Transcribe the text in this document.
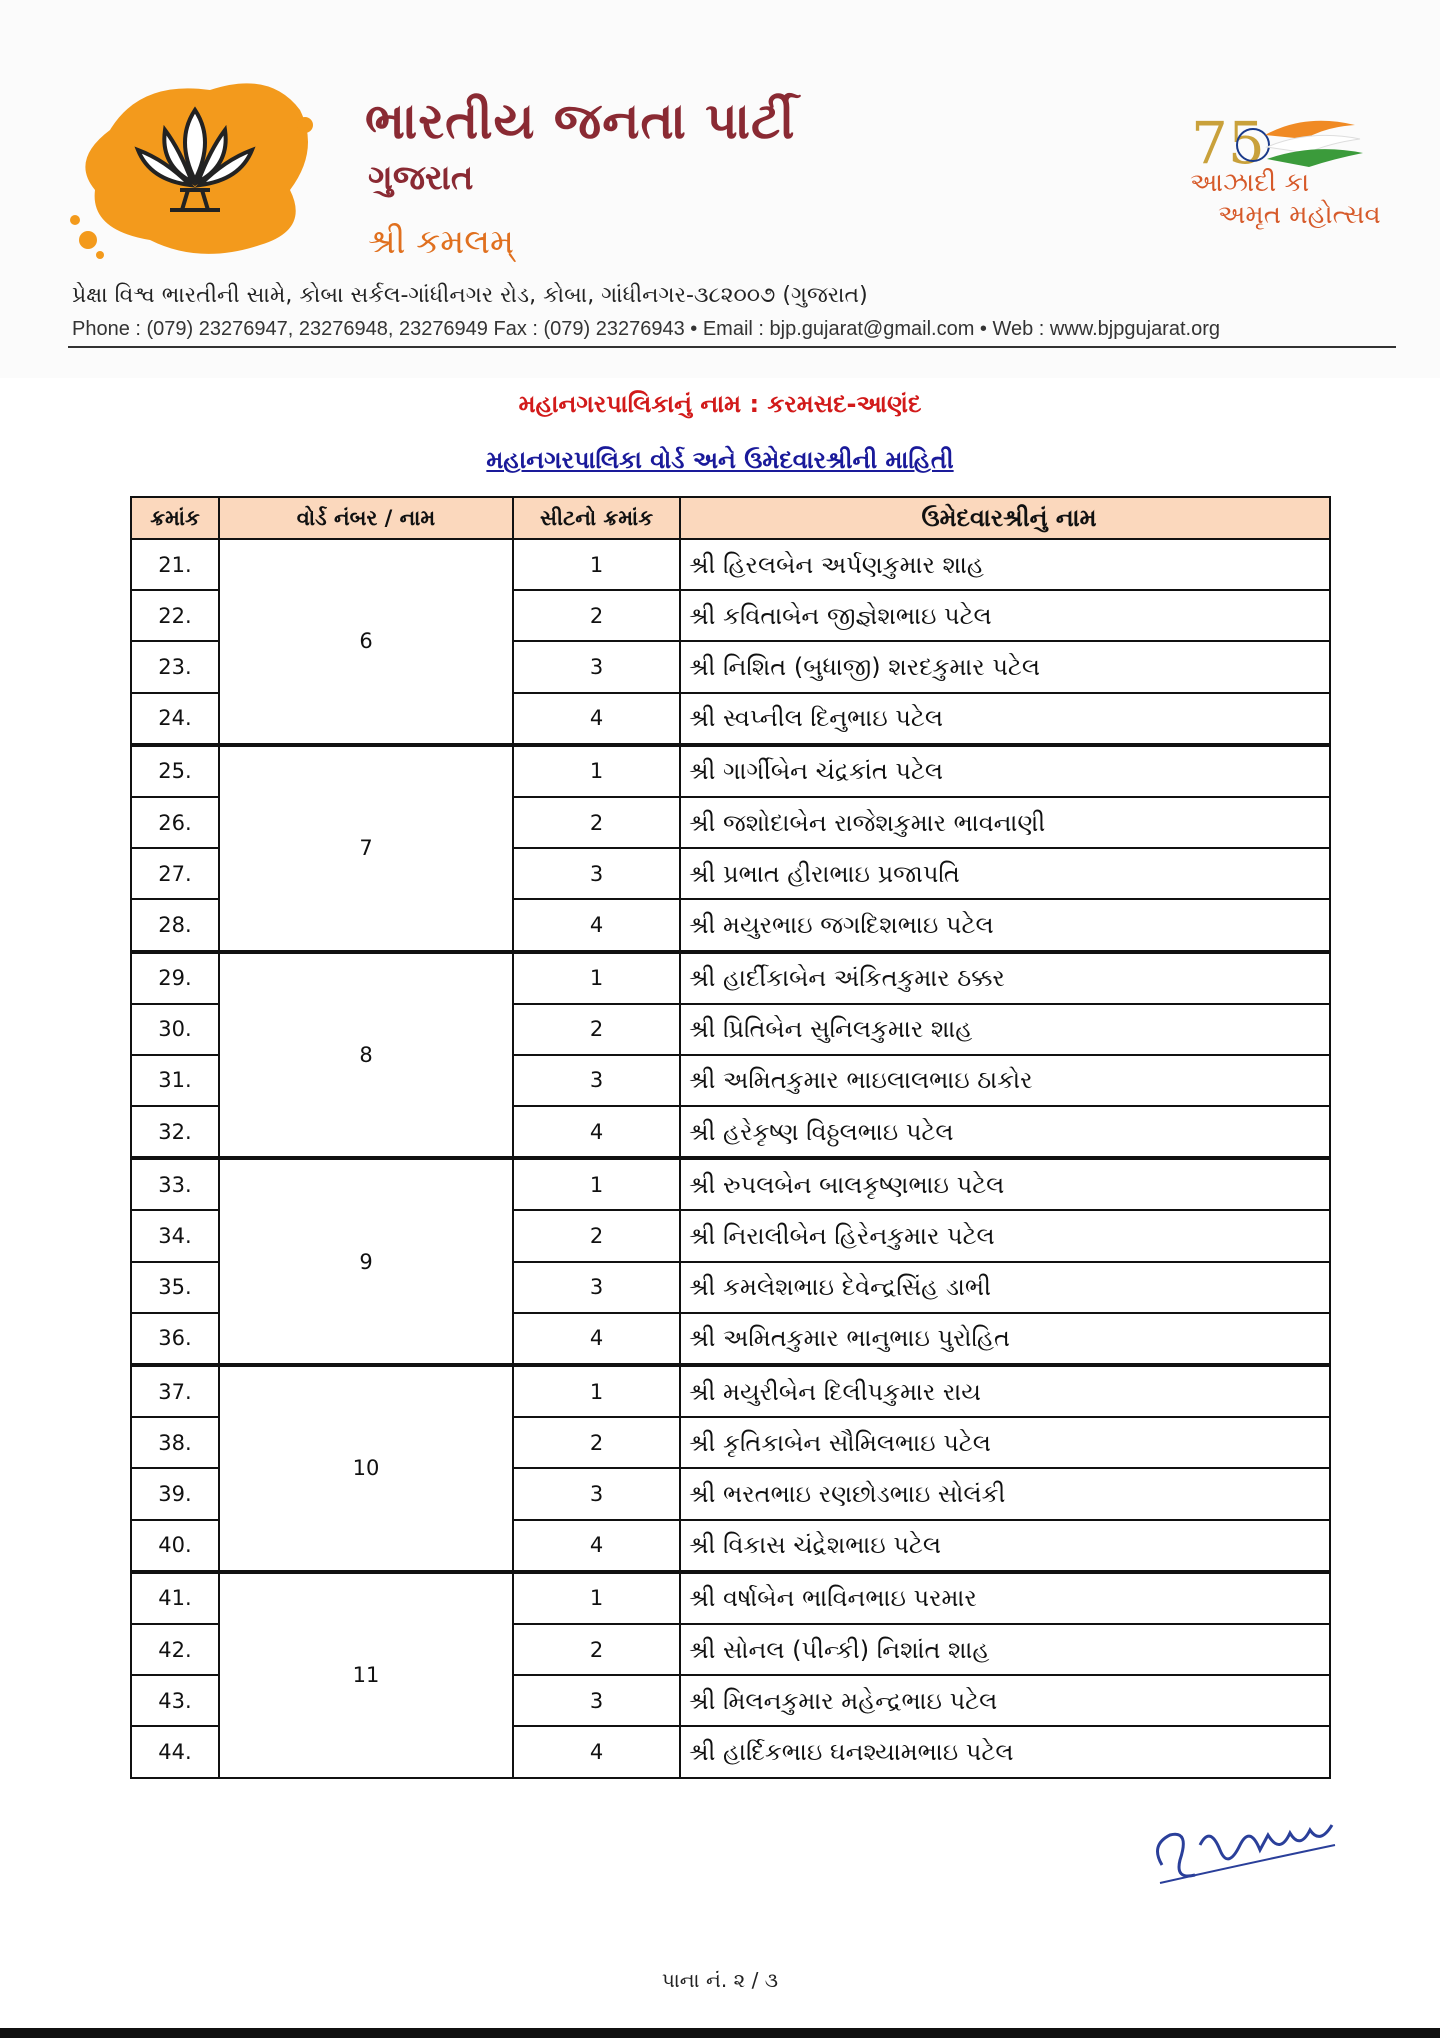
ભારતીય જનતા પાર્ટી
ગુજરાત
શ્રી કમલમ્
75
આઝાદી કા
અમૃત મહોત્સવ
પ્રેક્ષા વિશ્વ ભારતીની સામે, કોબા સર્કલ-ગાંધીનગર રોડ, કોબા, ગાંધીનગર-૩૮૨૦૦૭ (ગુજરાત)
Phone : (079) 23276947, 23276948, 23276949 Fax : (079) 23276943 • Email : bjp.gujarat@gmail.com • Web : www.bjpgujarat.org
મહાનગરપાલિકાનું નામ : કરમસદ-આણંદ
મહાનગરપાલિકા વોર્ડ અને ઉમેદવારશ્રીની માહિતી
ક્રમાંક	વોર્ડ નંબર / નામ	સીટનો ક્રમાંક	ઉમેદવારશ્રીનું નામ
21.	6	1	શ્રી હિરલબેન અર્પણકુમાર શાહ
22.		2	શ્રી કવિતાબેન જીજ્ઞેશભાઇ પટેલ
23.		3	શ્રી નિશિત (બુધાજી) શરદકુમાર પટેલ
24.		4	શ્રી સ્વપ્નીલ દિનુભાઇ પટેલ
25.	7	1	શ્રી ગાર્ગીબેન ચંદ્રકાંત પટેલ
26.		2	શ્રી જશોદાબેન રાજેશકુમાર ભાવનાણી
27.		3	શ્રી પ્રભાત હીરાભાઇ પ્રજાપતિ
28.		4	શ્રી મયુરભાઇ જગદિશભાઇ પટેલ
29.	8	1	શ્રી હાર્દીકાબેન અંકિતકુમાર ઠક્કર
30.		2	શ્રી પ્રિતિબેન સુનિલકુમાર શાહ
31.		3	શ્રી અમિતકુમાર ભાઇલાલભાઇ ઠાકોર
32.		4	શ્રી હરેકૃષ્ણ વિઠ્ઠલભાઇ પટેલ
33.	9	1	શ્રી રુપલબેન બાલકૃષ્ણભાઇ પટેલ
34.		2	શ્રી નિરાલીબેન હિરેનકુમાર પટેલ
35.		3	શ્રી કમલેશભાઇ દેવેન્દ્રસિંહ ડાભી
36.		4	શ્રી અમિતકુમાર ભાનુભાઇ પુરોહિત
37.	10	1	શ્રી મયુરીબેન દિલીપકુમાર રાય
38.		2	શ્રી કૃતિકાબેન સૌમિલભાઇ પટેલ
39.		3	શ્રી ભરતભાઇ રણછોડભાઇ સોલંકી
40.		4	શ્રી વિકાસ ચંદ્રેશભાઇ પટેલ
41.	11	1	શ્રી વર્ષાબેન ભાવિનભાઇ પરમાર
42.		2	શ્રી સોનલ (પીન્કી) નિશાંત શાહ
43.		3	શ્રી મિલનકુમાર મહેન્દ્રભાઇ પટેલ
44.		4	શ્રી હાર્દિકભાઇ ઘનશ્યામભાઇ પટેલ
પાના નં. ૨ / ૩
